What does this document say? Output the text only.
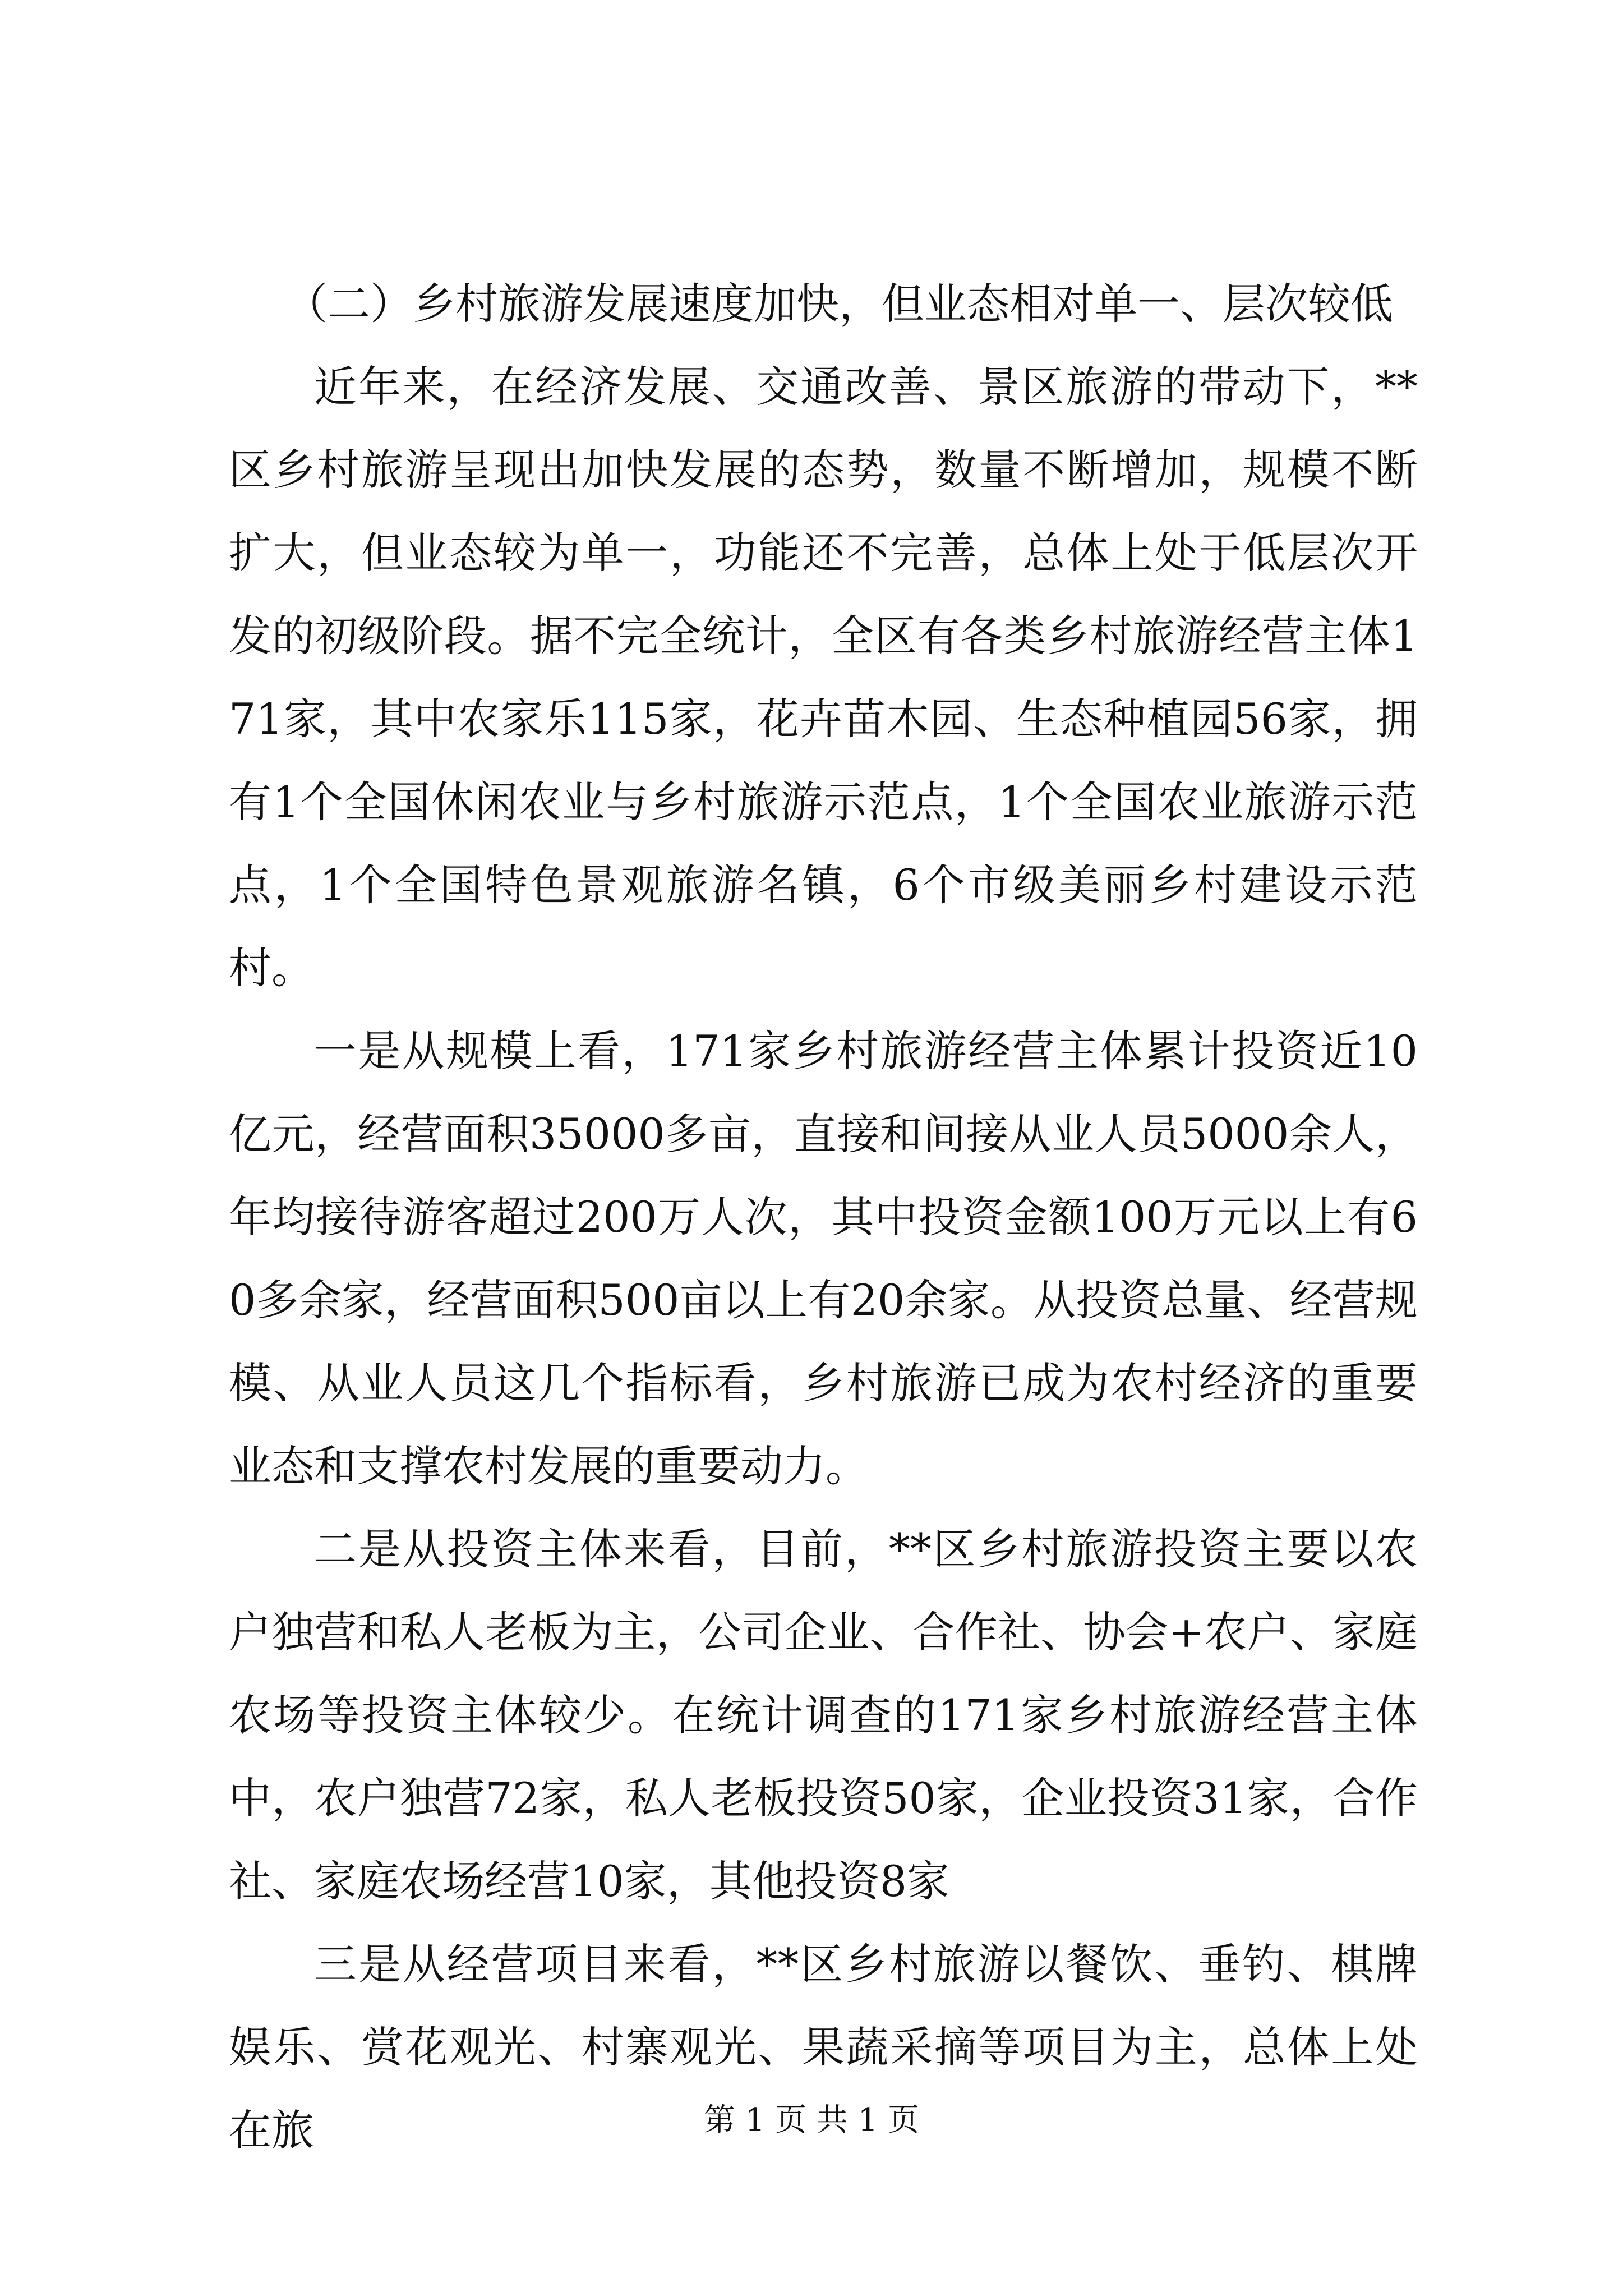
（二）乡村旅游发展速度加快，但业态相对单一、层次较低

近年来，在经济发展、交通改善、景区旅游的带动下，**区乡村旅游呈现出加快发展的态势，数量不断增加，规模不断扩大，但业态较为单一，功能还不完善，总体上处于低层次开发的初级阶段。据不完全统计，全区有各类乡村旅游经营主体171家，其中农家乐115家，花卉苗木园、生态种植园56家，拥有1个全国休闲农业与乡村旅游示范点，1个全国农业旅游示范点，1个全国特色景观旅游名镇，6个市级美丽乡村建设示范村。

一是从规模上看，171家乡村旅游经营主体累计投资近10亿元，经营面积35000多亩，直接和间接从业人员5000余人，年均接待游客超过200万人次，其中投资金额100万元以上有60多余家，经营面积500亩以上有20余家。从投资总量、经营规模、从业人员这几个指标看，乡村旅游已成为农村经济的重要业态和支撑农村发展的重要动力。

二是从投资主体来看，目前，**区乡村旅游投资主要以农户独营和私人老板为主，公司企业、合作社、协会+农户、家庭农场等投资主体较少。在统计调查的171家乡村旅游经营主体中，农户独营72家，私人老板投资50家，企业投资31家，合作社、家庭农场经营10家，其他投资8家

三是从经营项目来看，**区乡村旅游以餐饮、垂钓、棋牌娱乐、赏花观光、村寨观光、果蔬采摘等项目为主，总体上处在旅	第 1 页 共 1 页
